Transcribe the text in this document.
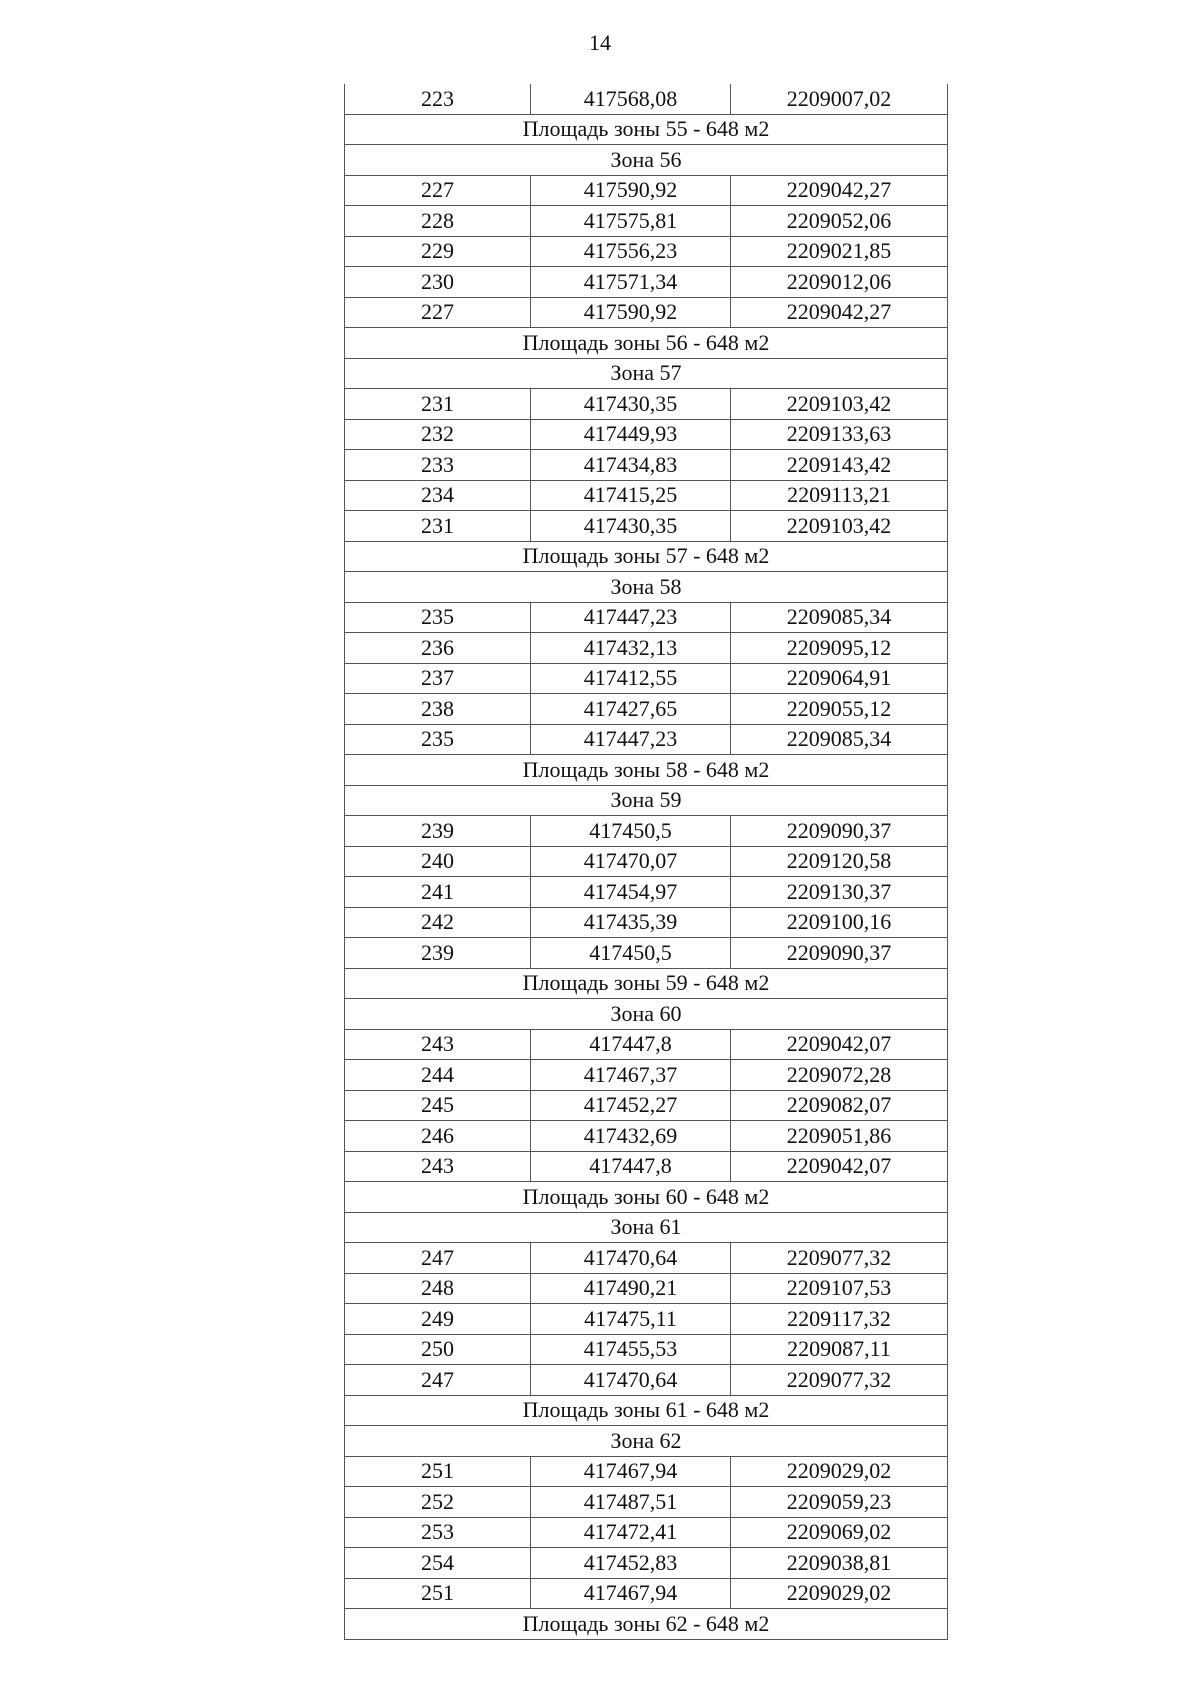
14
223	417568,08	2209007,02
Площадь зоны 55 - 648 м2		
Зона 56		
227	417590,92	2209042,27
228	417575,81	2209052,06
229	417556,23	2209021,85
230	417571,34	2209012,06
227	417590,92	2209042,27
Площадь зоны 56 - 648 м2		
Зона 57		
231	417430,35	2209103,42
232	417449,93	2209133,63
233	417434,83	2209143,42
234	417415,25	2209113,21
231	417430,35	2209103,42
Площадь зоны 57 - 648 м2		
Зона 58		
235	417447,23	2209085,34
236	417432,13	2209095,12
237	417412,55	2209064,91
238	417427,65	2209055,12
235	417447,23	2209085,34
Площадь зоны 58 - 648 м2		
Зона 59		
239	417450,5	2209090,37
240	417470,07	2209120,58
241	417454,97	2209130,37
242	417435,39	2209100,16
239	417450,5	2209090,37
Площадь зоны 59 - 648 м2		
Зона 60		
243	417447,8	2209042,07
244	417467,37	2209072,28
245	417452,27	2209082,07
246	417432,69	2209051,86
243	417447,8	2209042,07
Площадь зоны 60 - 648 м2		
Зона 61		
247	417470,64	2209077,32
248	417490,21	2209107,53
249	417475,11	2209117,32
250	417455,53	2209087,11
247	417470,64	2209077,32
Площадь зоны 61 - 648 м2		
Зона 62		
251	417467,94	2209029,02
252	417487,51	2209059,23
253	417472,41	2209069,02
254	417452,83	2209038,81
251	417467,94	2209029,02
Площадь зоны 62 - 648 м2		
